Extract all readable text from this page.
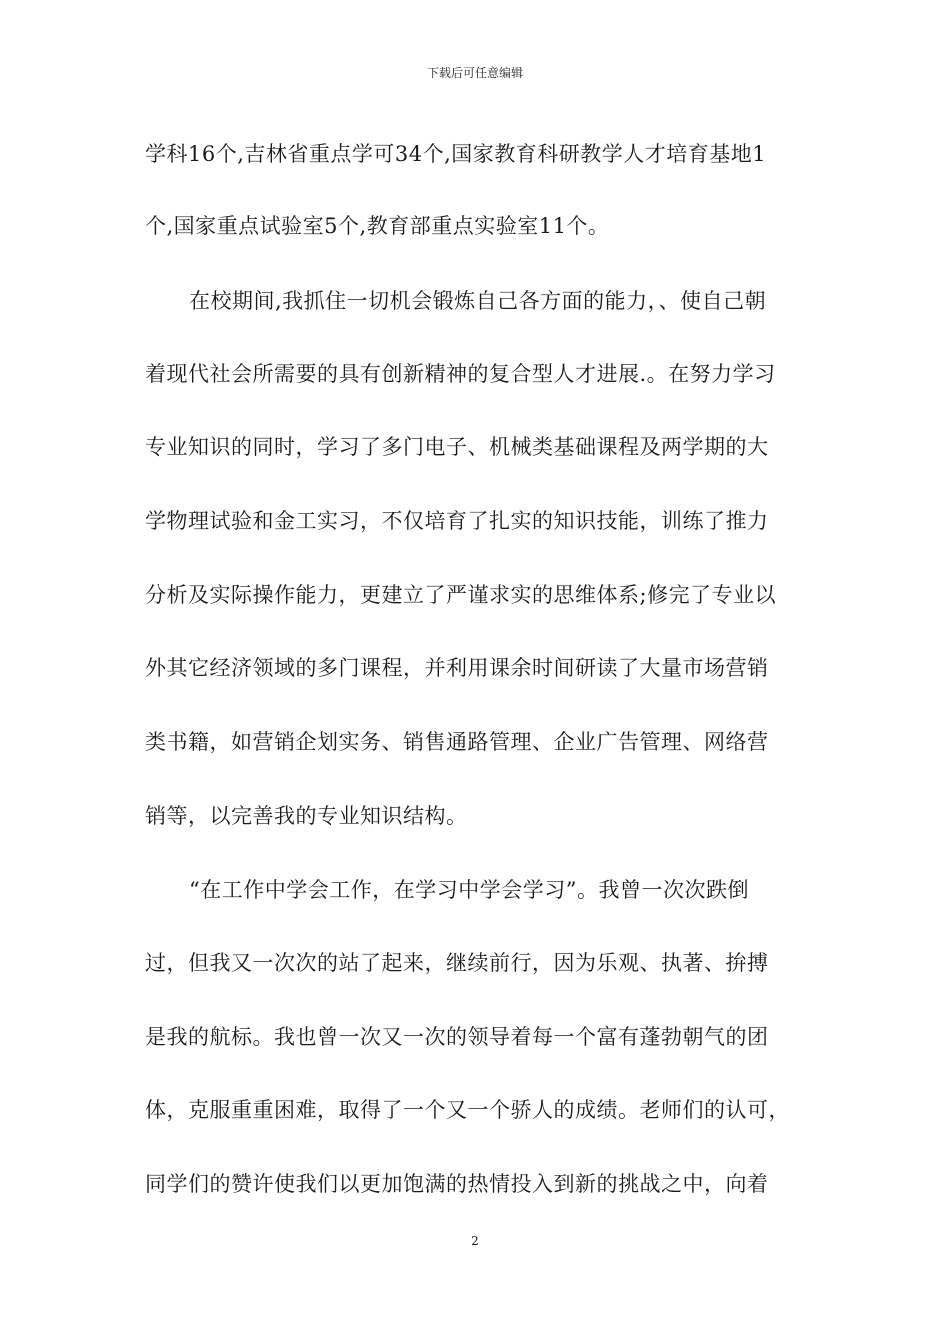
下载后可任意编辑
学科16个,吉林省重点学可34个,国家教育科研教学人才培育基地1
个,国家重点试验室5个,教育部重点实验室11个。
在校期间,我抓住一切机会锻炼自己各方面的能力，、使自己朝
着现代社会所需要的具有创新精神的复合型人才进展.。在努力学习
专业知识的同时，学习了多门电子、机械类基础课程及两学期的大
学物理试验和金工实习，不仅培育了扎实的知识技能，训练了推力
分析及实际操作能力，更建立了严谨求实的思维体系;修完了专业以
外其它经济领域的多门课程，并利用课余时间研读了大量市场营销
类书籍，如营销企划实务、销售通路管理、企业广告管理、网络营
销等，以完善我的专业知识结构。
“在工作中学会工作，在学习中学会学习”。我曾一次次跌倒
过，但我又一次次的站了起来，继续前行，因为乐观、执著、拚搏
是我的航标。我也曾一次又一次的领导着每一个富有蓬勃朝气的团
体，克服重重困难，取得了一个又一个骄人的成绩。老师们的认可，
同学们的赞许使我们以更加饱满的热情投入到新的挑战之中，向着
2
